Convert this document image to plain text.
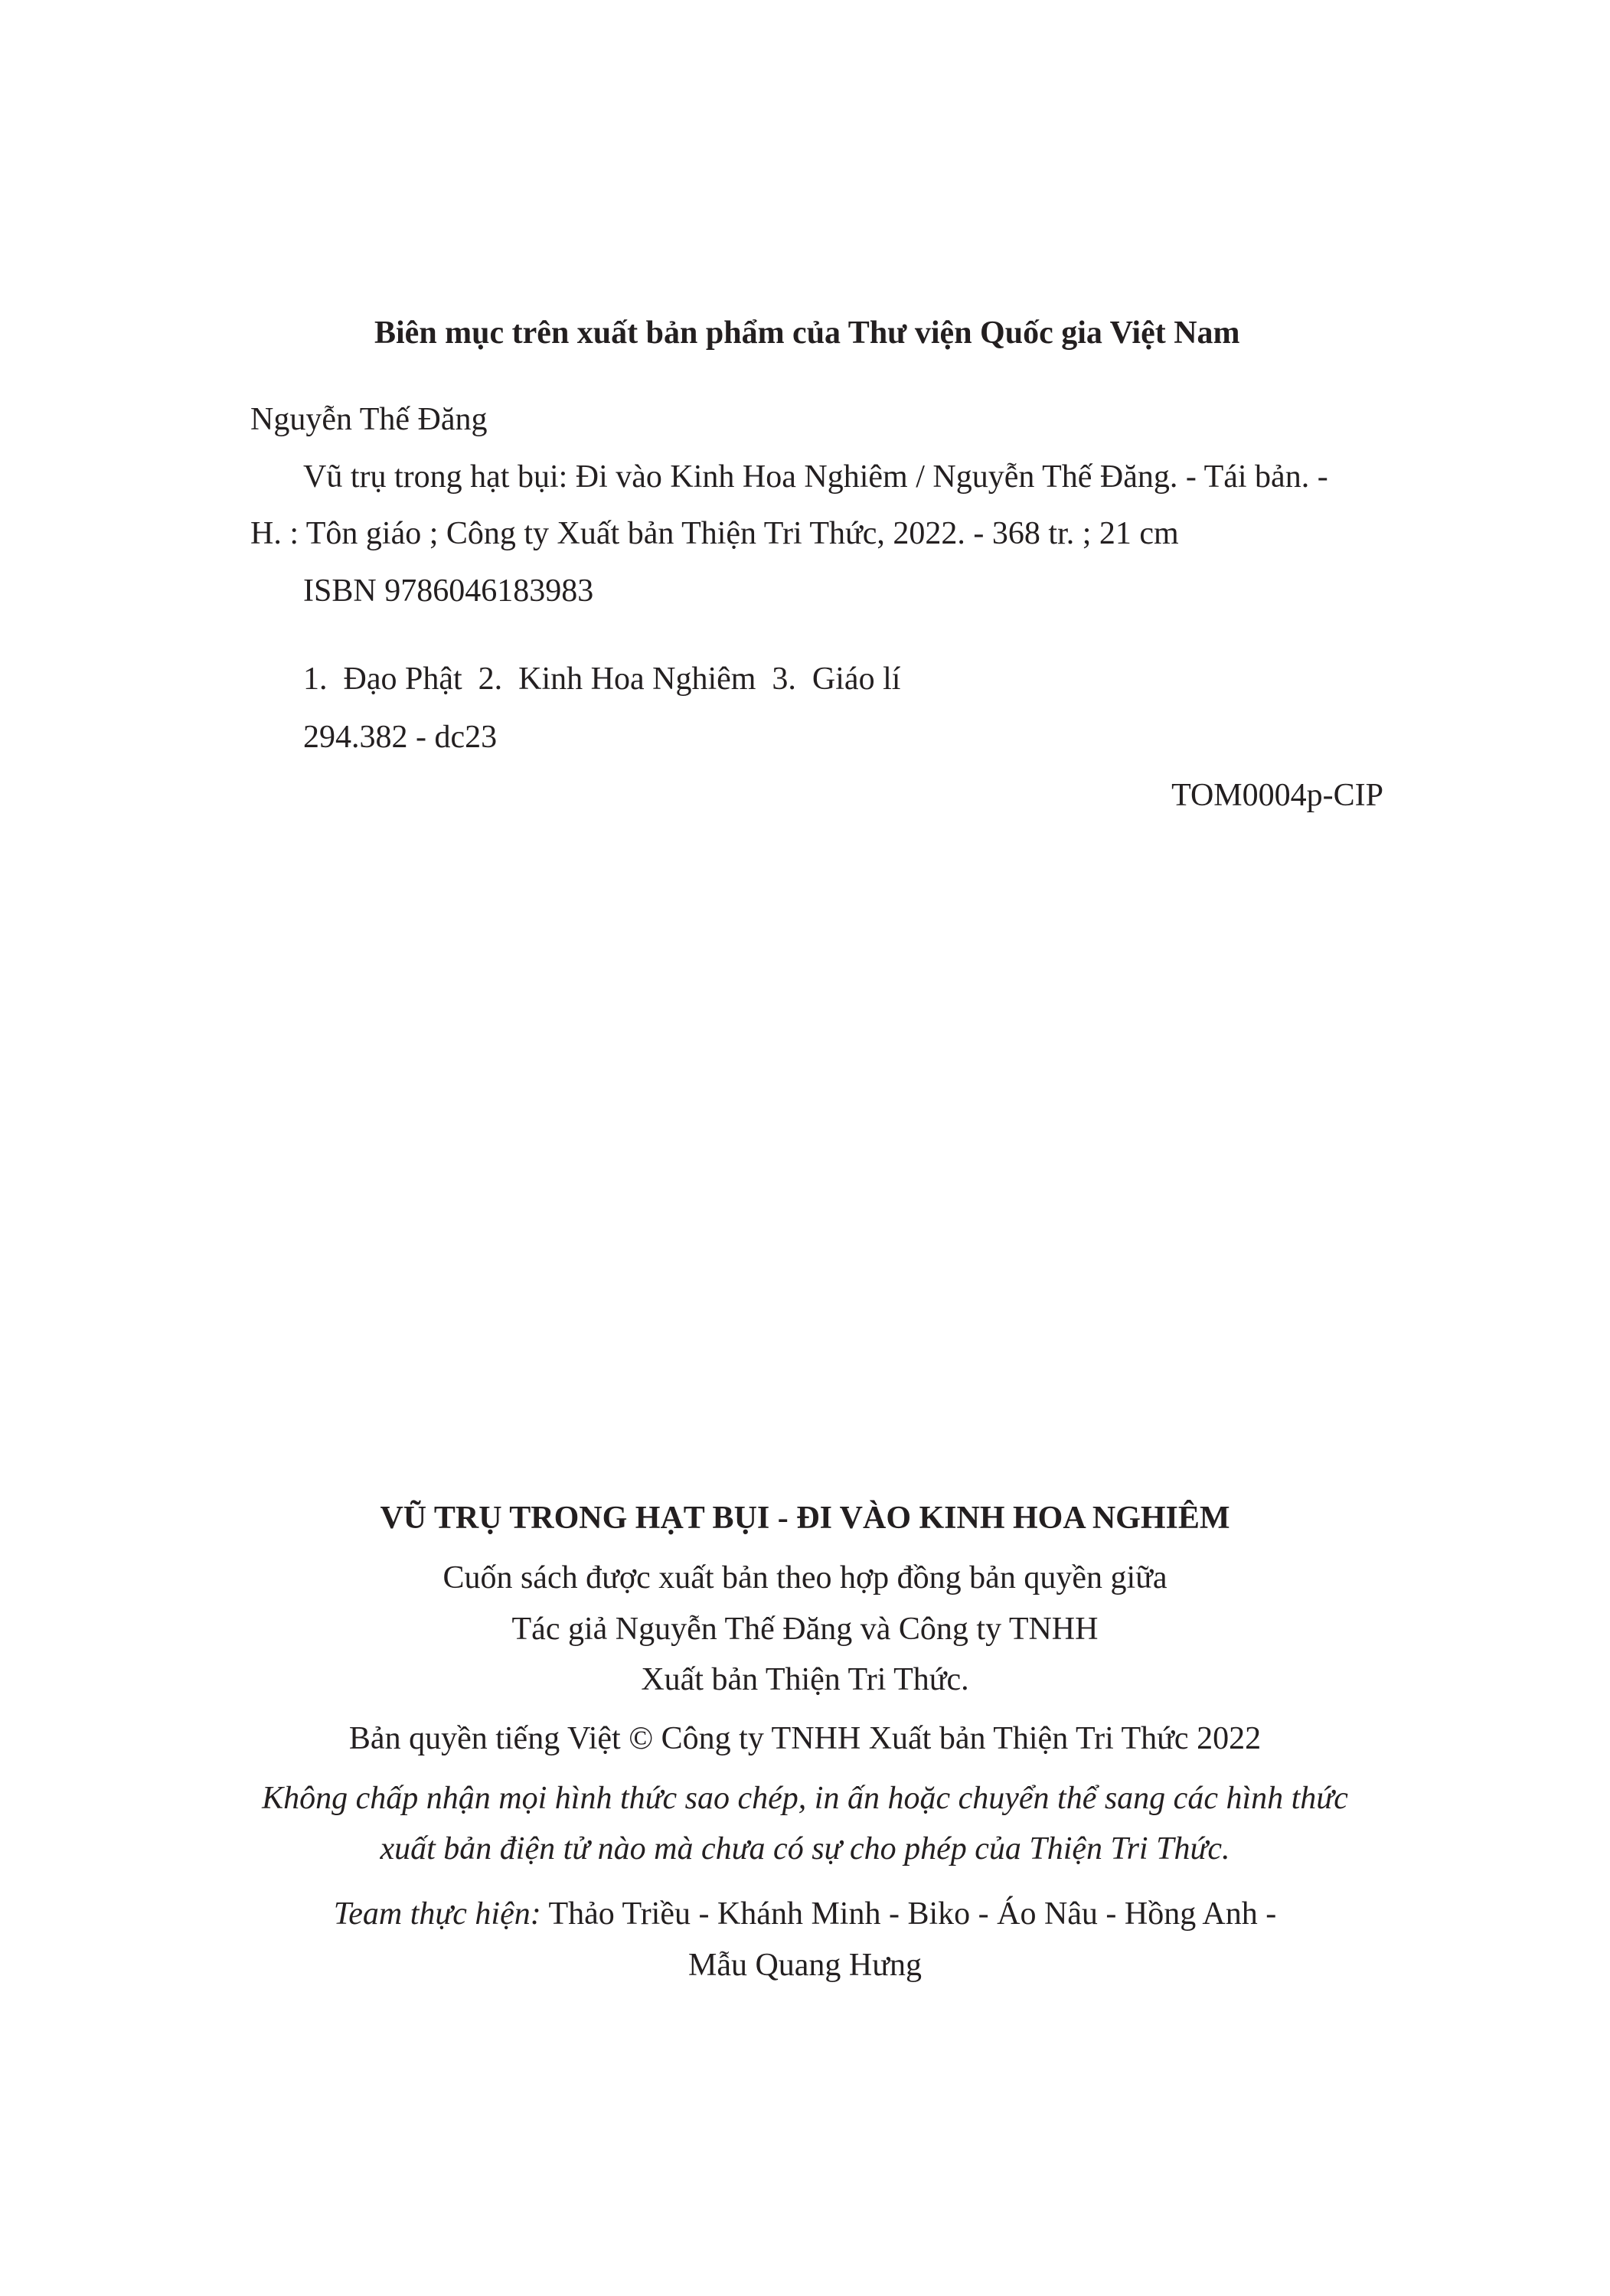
Biên mục trên xuất bản phẩm của Thư viện Quốc gia Việt Nam
Nguyễn Thế Đăng
Vũ trụ trong hạt bụi: Đi vào Kinh Hoa Nghiêm / Nguyễn Thế Đăng. - Tái bản. -
H. : Tôn giáo ; Công ty Xuất bản Thiện Tri Thức, 2022. - 368 tr. ; 21 cm
ISBN 9786046183983
1.  Đạo Phật  2.  Kinh Hoa Nghiêm  3.  Giáo lí
294.382 - dc23
TOM0004p-CIP
VŨ TRỤ TRONG HẠT BỤI - ĐI VÀO KINH HOA NGHIÊM
Cuốn sách được xuất bản theo hợp đồng bản quyền giữa
Tác giả Nguyễn Thế Đăng và Công ty TNHH
Xuất bản Thiện Tri Thức.
Bản quyền tiếng Việt © Công ty TNHH Xuất bản Thiện Tri Thức 2022
Không chấp nhận mọi hình thức sao chép, in ấn hoặc chuyển thể sang các hình thức
xuất bản điện tử nào mà chưa có sự cho phép của Thiện Tri Thức.
Team thực hiện: Thảo Triều - Khánh Minh - Biko - Áo Nâu - Hồng Anh -
Mẫu Quang Hưng
